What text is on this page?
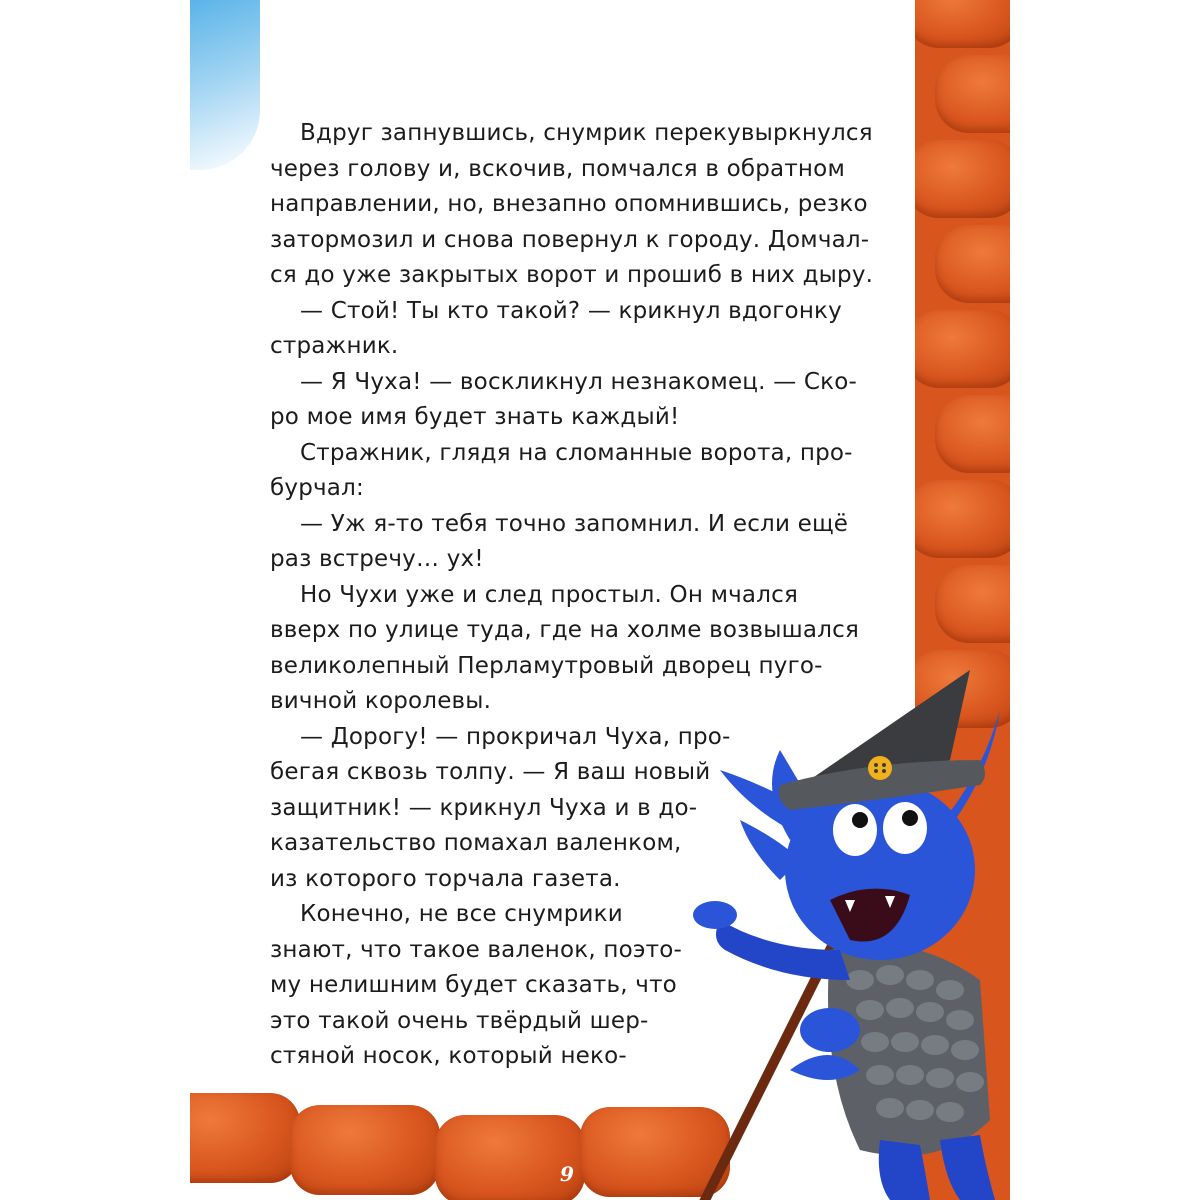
Вдруг запнувшись, снумрик перекувыркнулся
через голову и, вскочив, помчался в обратном
направлении, но, внезапно опомнившись, резко
затормозил и снова повернул к городу. Домчал-
ся до уже закрытых ворот и прошиб в них дыру.
— Стой! Ты кто такой? — крикнул вдогонку
стражник.
— Я Чуха! — воскликнул незнакомец. — Ско-
ро мое имя будет знать каждый!
Стражник, глядя на сломанные ворота, про-
бурчал:
— Уж я-то тебя точно запомнил. И если ещё
раз встречу… ух!
Но Чухи уже и след простыл. Он мчался
вверх по улице туда, где на холме возвышался
великолепный Перламутровый дворец пуго-
вичной королевы.
— Дорогу! — прокричал Чуха, про-
бегая сквозь толпу. — Я ваш новый
защитник! — крикнул Чуха и в до-
казательство помахал валенком,
из которого торчала газета.
Конечно, не все снумрики
знают, что такое валенок, поэто-
му нелишним будет сказать, что
это такой очень твёрдый шер-
стяной носок, который неко-
9
